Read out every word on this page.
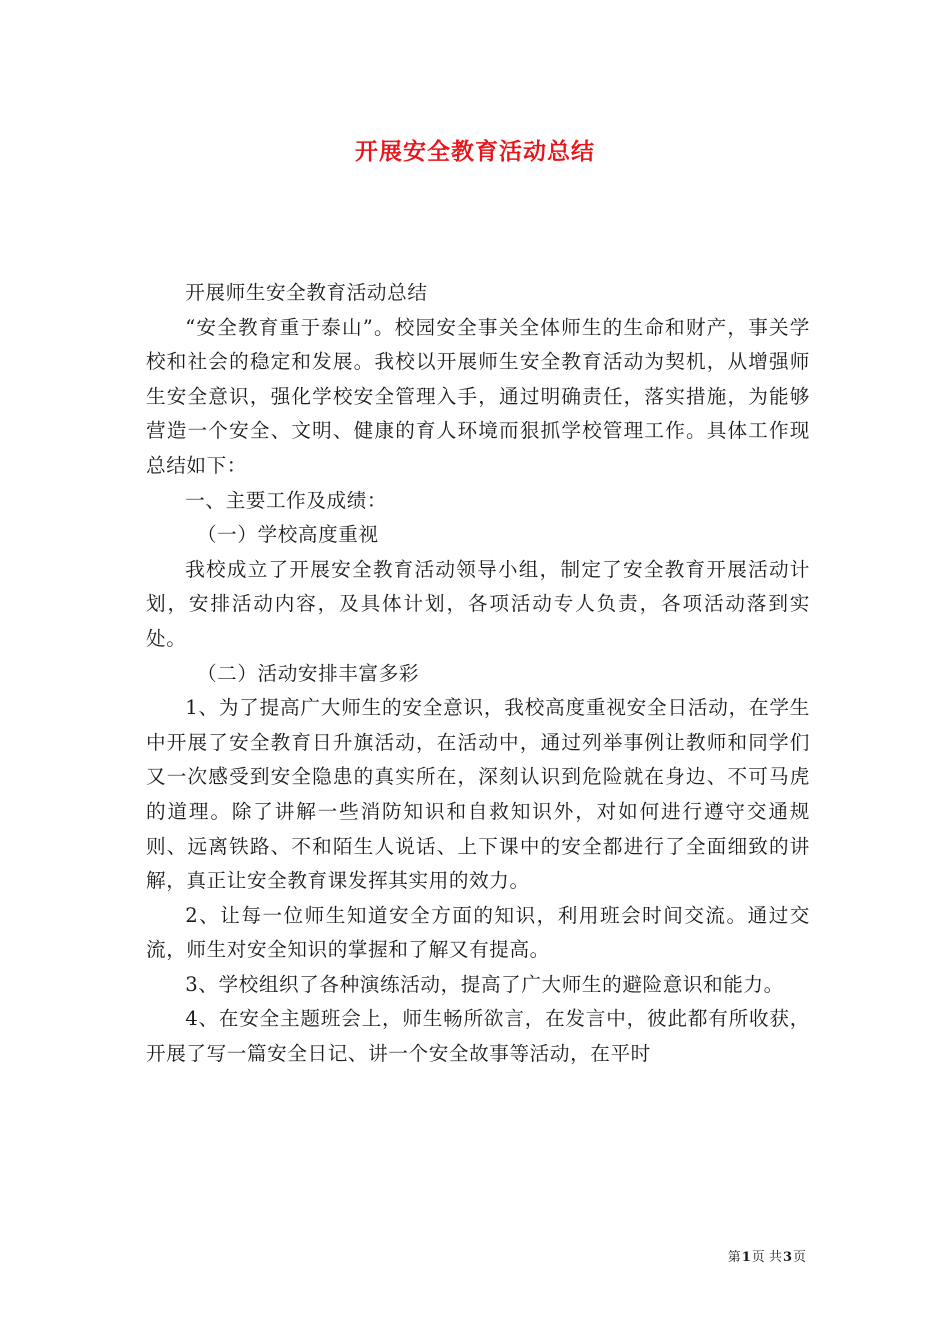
开展安全教育活动总结

开展师生安全教育活动总结

“安全教育重于泰山”。校园安全事关全体师生的生命和财产，事关学校和社会的稳定和发展。我校以开展师生安全教育活动为契机，从增强师生安全意识，强化学校安全管理入手，通过明确责任，落实措施，为能够营造一个安全、文明、健康的育人环境而狠抓学校管理工作。具体工作现总结如下：

一、主要工作及成绩：

（一）学校高度重视

我校成立了开展安全教育活动领导小组，制定了安全教育开展活动计划，安排活动内容，及具体计划，各项活动专人负责，各项活动落到实处。

（二）活动安排丰富多彩

1、为了提高广大师生的安全意识，我校高度重视安全日活动，在学生中开展了安全教育日升旗活动，在活动中，通过列举事例让教师和同学们又一次感受到安全隐患的真实所在，深刻认识到危险就在身边、不可马虎的道理。除了讲解一些消防知识和自救知识外，对如何进行遵守交通规则、远离铁路、不和陌生人说话、上下课中的安全都进行了全面细致的讲解，真正让安全教育课发挥其实用的效力。

2、让每一位师生知道安全方面的知识，利用班会时间交流。通过交流，师生对安全知识的掌握和了解又有提高。

3、学校组织了各种演练活动，提高了广大师生的避险意识和能力。

4、在安全主题班会上，师生畅所欲言，在发言中，彼此都有所收获，开展了写一篇安全日记、讲一个安全故事等活动，在平时

第1页 共3页
